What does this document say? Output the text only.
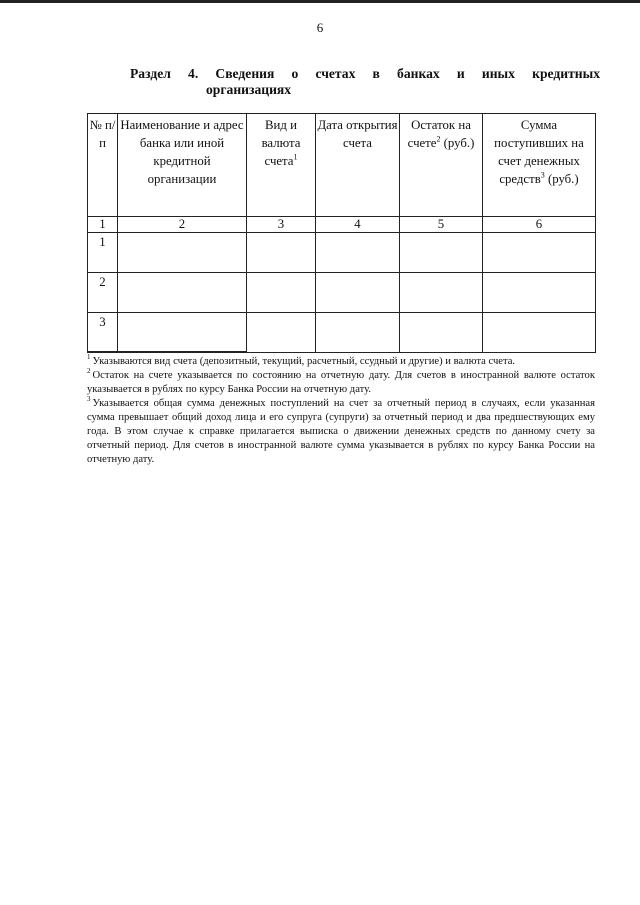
6
Раздел 4. Сведения о счетах в банках и иных кредитных
организациях
№ п/п	Наименование и адрес банка или иной кредитной организации	Вид и валюта счета$^1$	Дата открытия счета	Остаток на счете$^2$ (руб.)	Сумма поступивших на счет денежных средств$^3$ (руб.)
1	2	3	4	5	6
1					
2					
3					

$^1$ Указываются вид счета (депозитный, текущий, расчетный, ссудный и другие) и валюта счета.

$^2$ Остаток на счете указывается по состоянию на отчетную дату. Для счетов в иностранной валюте остаток указывается в рублях по курсу Банка России на отчетную дату.

$^3$ Указывается общая сумма денежных поступлений на счет за отчетный период в случаях, если указанная сумма превышает общий доход лица и его супруга (супруги) за отчетный период и два предшествующих ему года. В этом случае к справке прилагается выписка о движении денежных средств по данному счету за отчетный период. Для счетов в иностранной валюте сумма указывается в рублях по курсу Банка России на отчетную дату.
